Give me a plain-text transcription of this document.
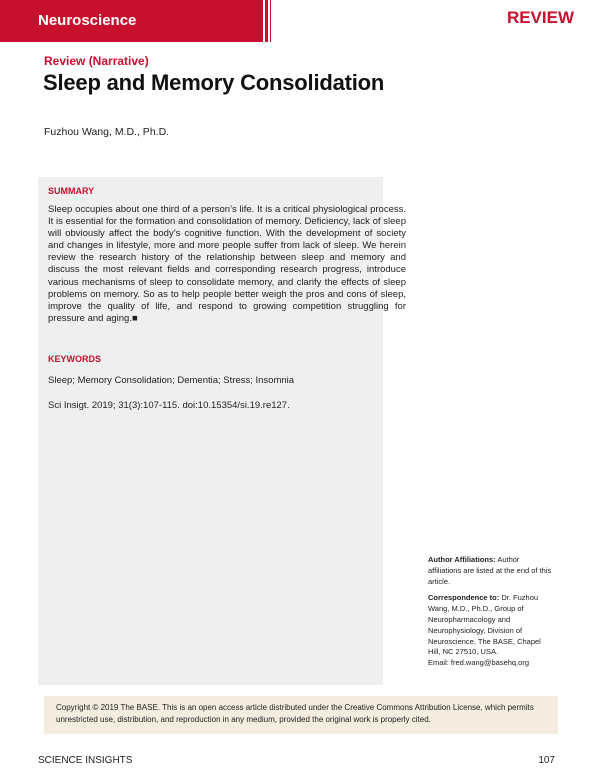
Neuroscience	REVIEW
Review (Narrative)
Sleep and Memory Consolidation
Fuzhou Wang, M.D., Ph.D.
SUMMARY
Sleep occupies about one third of a person’s life. It is a critical physiological process. It is essential for the formation and consolidation of memory. Deficiency, lack of sleep will obviously affect the body’s cognitive function. With the development of society and changes in lifestyle, more and more people suffer from lack of sleep. We herein review the research history of the relationship between sleep and memory and discuss the most relevant fields and corresponding research progress, introduce various mechanisms of sleep to consolidate memory, and clarify the effects of sleep problems on memory. So as to help people better weigh the pros and cons of sleep, improve the quality of life, and respond to growing competition struggling for pressure and aging.■
KEYWORDS
Sleep; Memory Consolidation; Dementia; Stress; Insomnia
Sci Insigt. 2019; 31(3):107-115. doi:10.15354/si.19.re127.
Author Affiliations: Author affiliations are listed at the end of this article.
Correspondence to: Dr. Fuzhou Wang, M.D., Ph.D., Group of Neuropharmacology and Neurophysiology, Division of Neuroscience, The BASE, Chapel Hill, NC 27510, USA.
Email: fred.wang@basehq.org
Copyright © 2019 The BASE. This is an open access article distributed under the Creative Commons Attribution License, which permits unrestricted use, distribution, and reproduction in any medium, provided the original work is properly cited.
SCIENCE INSIGHTS	107
